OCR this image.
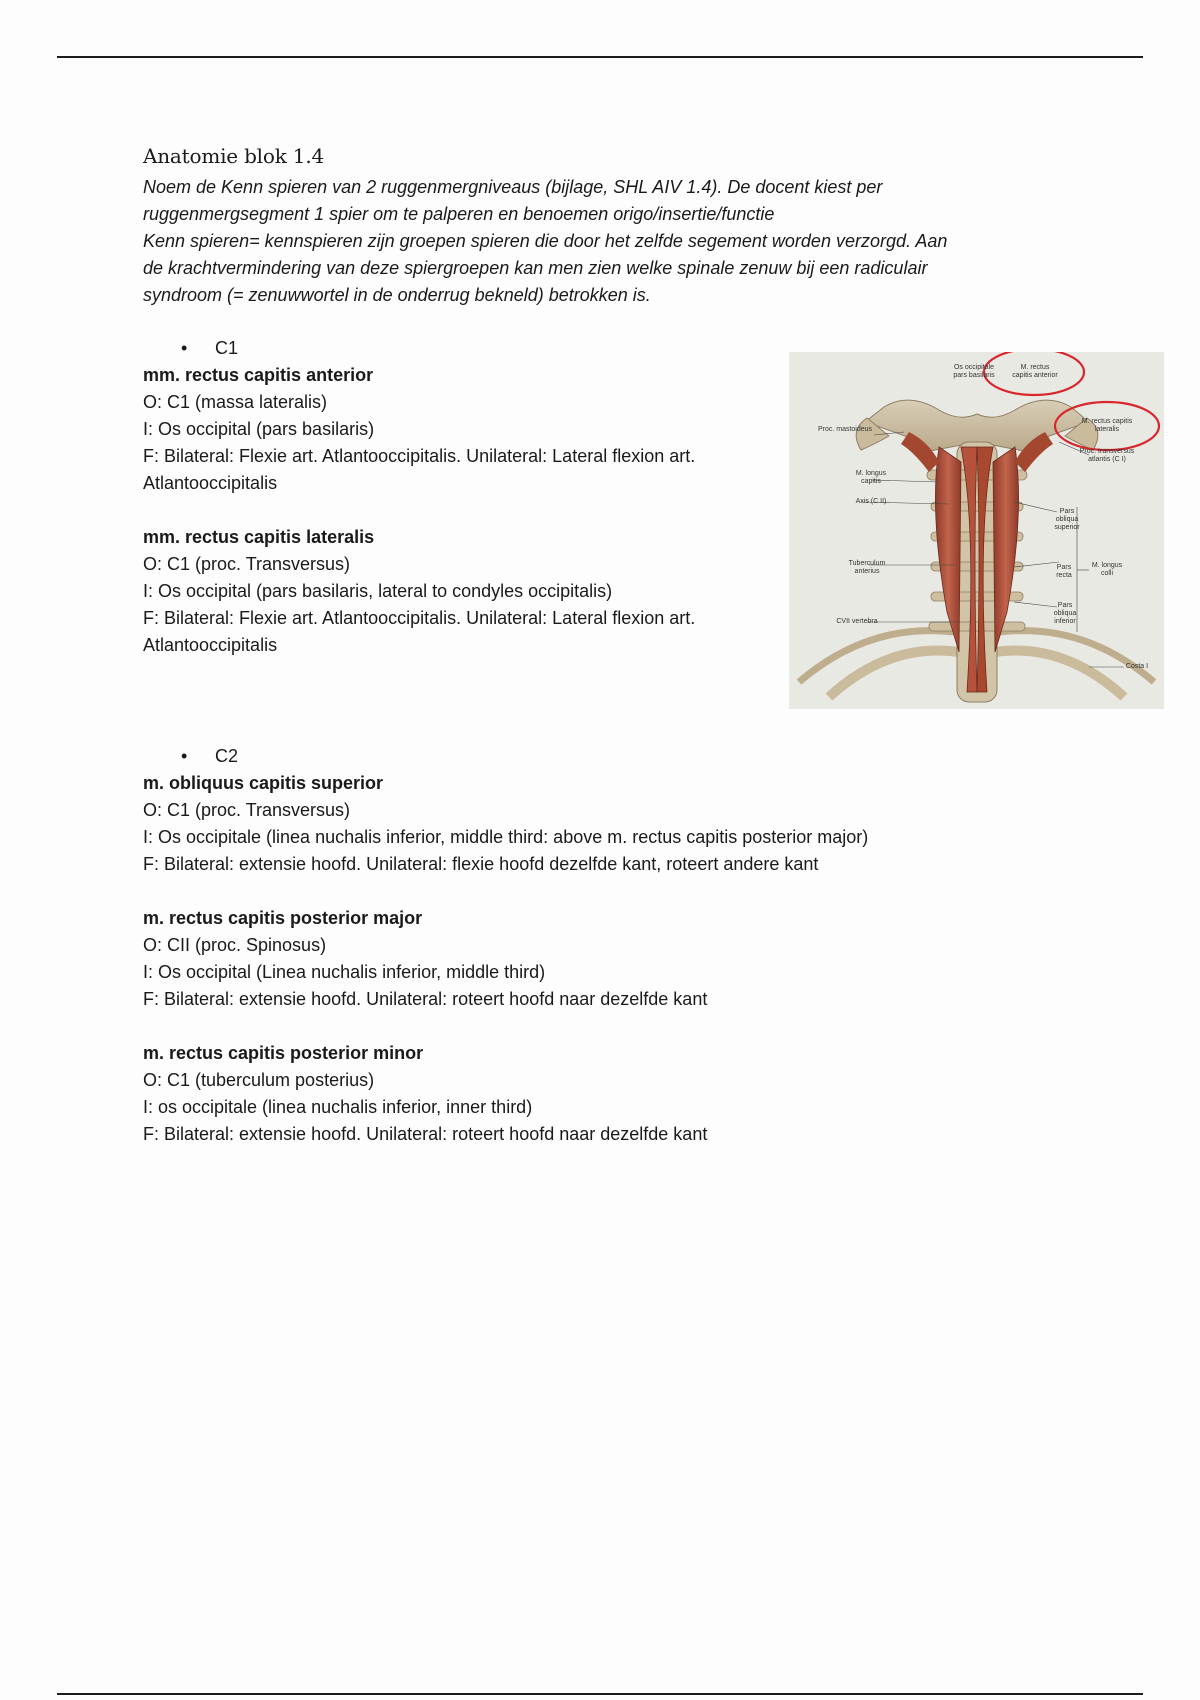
Anatomie blok 1.4

Noem de Kenn spieren van 2 ruggenmergniveaus (bijlage, SHL AIV 1.4). De docent kiest per

ruggenmergsegment 1 spier om te palperen en benoemen origo/insertie/functie

Kenn spieren= kennspieren zijn groepen spieren die door het zelfde segement worden verzorgd. Aan

de krachtvermindering van deze spiergroepen kan men zien welke spinale zenuw bij een radiculair

syndroom (= zenuwwortel in de onderrug bekneld) betrokken is.

• C1

mm. rectus capitis anterior

O: C1 (massa lateralis)

I: Os occipital (pars basilaris)

F: Bilateral: Flexie art. Atlantooccipitalis. Unilateral: Lateral flexion art.

Atlantooccipitalis

mm. rectus capitis lateralis

O: C1 (proc. Transversus)

I: Os occipital (pars basilaris, lateral to condyles occipitalis)

F: Bilateral: Flexie art. Atlantooccipitalis. Unilateral: Lateral flexion art.

Atlantooccipitalis

Os occipitale pars basilaris
M. rectus capitis anterior
M. rectus capitis lateralis
Proc. mastoideus
Proc. transversus atlantis (C I)
M. longus capitis
Axis (C II)
Pars obliqua superior
Tuberculum anterius
Pars recta
M. longus colli
Pars obliqua inferior
CVII vertebra
Costa I

• C2

m. obliquus capitis superior

O: C1 (proc. Transversus)

I: Os occipitale (linea nuchalis inferior, middle third: above m. rectus capitis posterior major)

F: Bilateral: extensie hoofd. Unilateral: flexie hoofd dezelfde kant, roteert andere kant

m. rectus capitis posterior major

O: CII (proc. Spinosus)

I: Os occipital (Linea nuchalis inferior, middle third)

F: Bilateral: extensie hoofd. Unilateral: roteert hoofd naar dezelfde kant

m. rectus capitis posterior minor

O: C1 (tuberculum posterius)

I: os occipitale (linea nuchalis inferior, inner third)

F: Bilateral: extensie hoofd. Unilateral: roteert hoofd naar dezelfde kant
